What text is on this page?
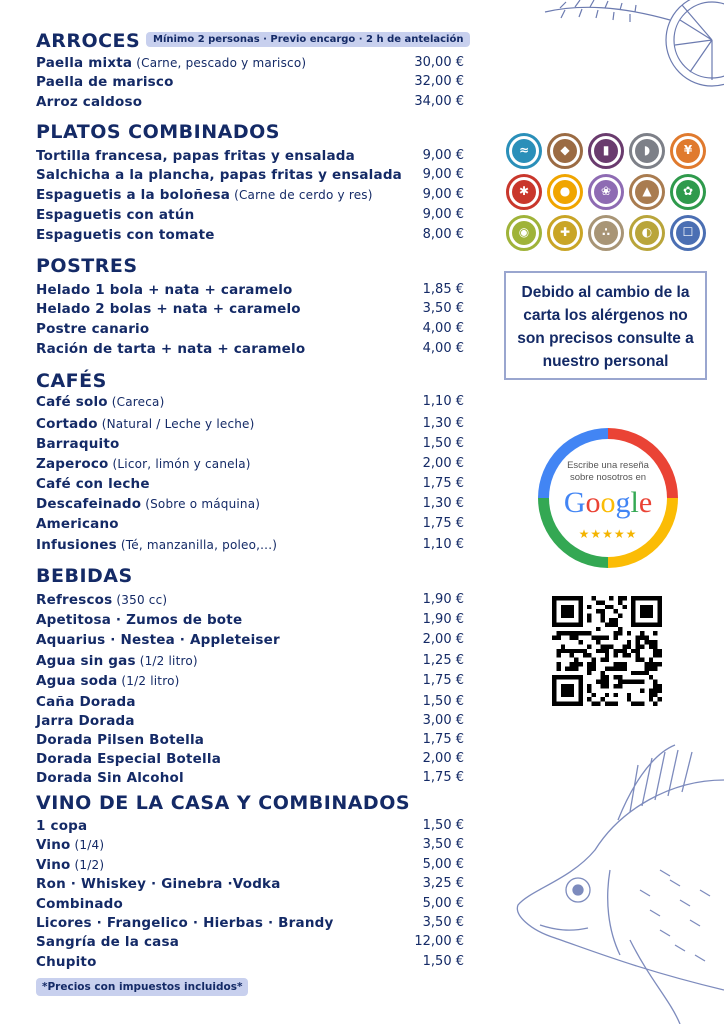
ARROCES	Mínimo 2 personas · Previo encargo · 2 h de antelación
Paella mixta (Carne, pescado y marisco)	30,00 €
Paella de marisco	32,00 €
Arroz caldoso	34,00 €
PLATOS COMBINADOS
Tortilla francesa, papas fritas y ensalada	9,00 €
Salchicha a la plancha, papas fritas y ensalada 9,00 €
Espaguetis a la boloñesa (Carne de cerdo y res)	9,00 €
Espaguetis con atún	9,00 €
Espaguetis con tomate	8,00 €
POSTRES
Helado 1 bola + nata + caramelo	1,85 €
Helado 2 bolas + nata + caramelo	3,50 €
Postre canario	4,00 €
Ración de tarta + nata + caramelo	4,00 €
CAFÉS
Café solo (Careca)	1,10 €
Cortado (Natural / Leche y leche)	1,30 €
Barraquito	1,50 €
Zaperoco (Licor, limón y canela)	2,00 €
Café con leche	1,75 €
Descafeinado (Sobre o máquina)	1,30 €
Americano	1,75 €
Infusiones (Té, manzanilla, poleo,...)	1,10 €
BEBIDAS
Refrescos (350 cc)	1,90 €
Apetitosa · Zumos de bote	1,90 €
Aquarius · Nestea · Appleteiser	2,00 €
Agua sin gas (1/2 litro)	1,25 €
Agua soda (1/2 litro)	1,75 €
Caña Dorada	1,50 €
Jarra Dorada	3,00 €
Dorada Pilsen Botella	1,75 €
Dorada Especial Botella	2,00 €
Dorada Sin Alcohol	1,75 €
VINO DE LA CASA Y COMBINADOS
1 copa	1,50 €
Vino (1/4)	3,50 €
Vino (1/2)	5,00 €
Ron · Whiskey · Ginebra ·Vodka	3,25 €
Combinado	5,00 €
Licores · Frangelico · Hierbas · Brandy	3,50 €
Sangría de la casa	12,00 €
Chupito	1,50 €
≈	◆	▮	◗	¥
✱	●	❀	▲	✿
◉	✚	∴	◐	☐
Debido al cambio de la
carta los alérgenos no
son precisos consulte a
nuestro personal
Escribe una reseña
sobre nosotros en
Google
★★★★★
*Precios con impuestos incluidos*
